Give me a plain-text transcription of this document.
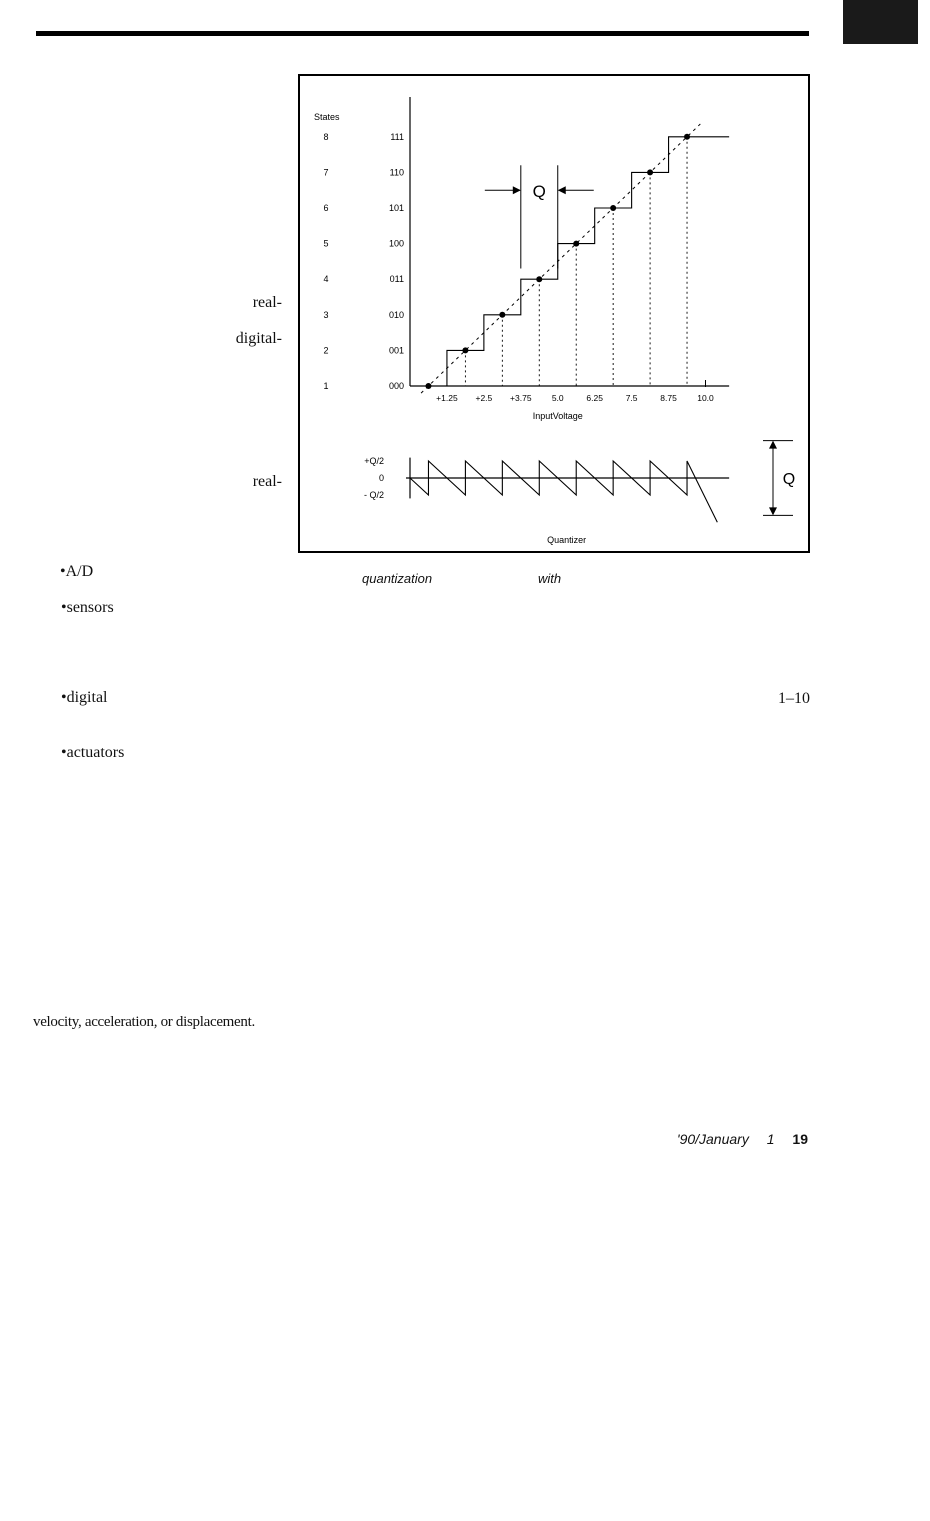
real-
digital-
real-
•A/D
•sensors
•digital
•actuators
1–10
velocity, acceleration, or displacement.
quantization	with
'90/January 1 19
States
1	000
2	001
3	010
4	011
5	100
6	101
7	110
8	111
+1.25 +2.5 +3.75 5.0	6.25	7.5	8.75 10.0
InputVoltage
Q
+Q/2
0
- Q/2
Quantizer
Q
